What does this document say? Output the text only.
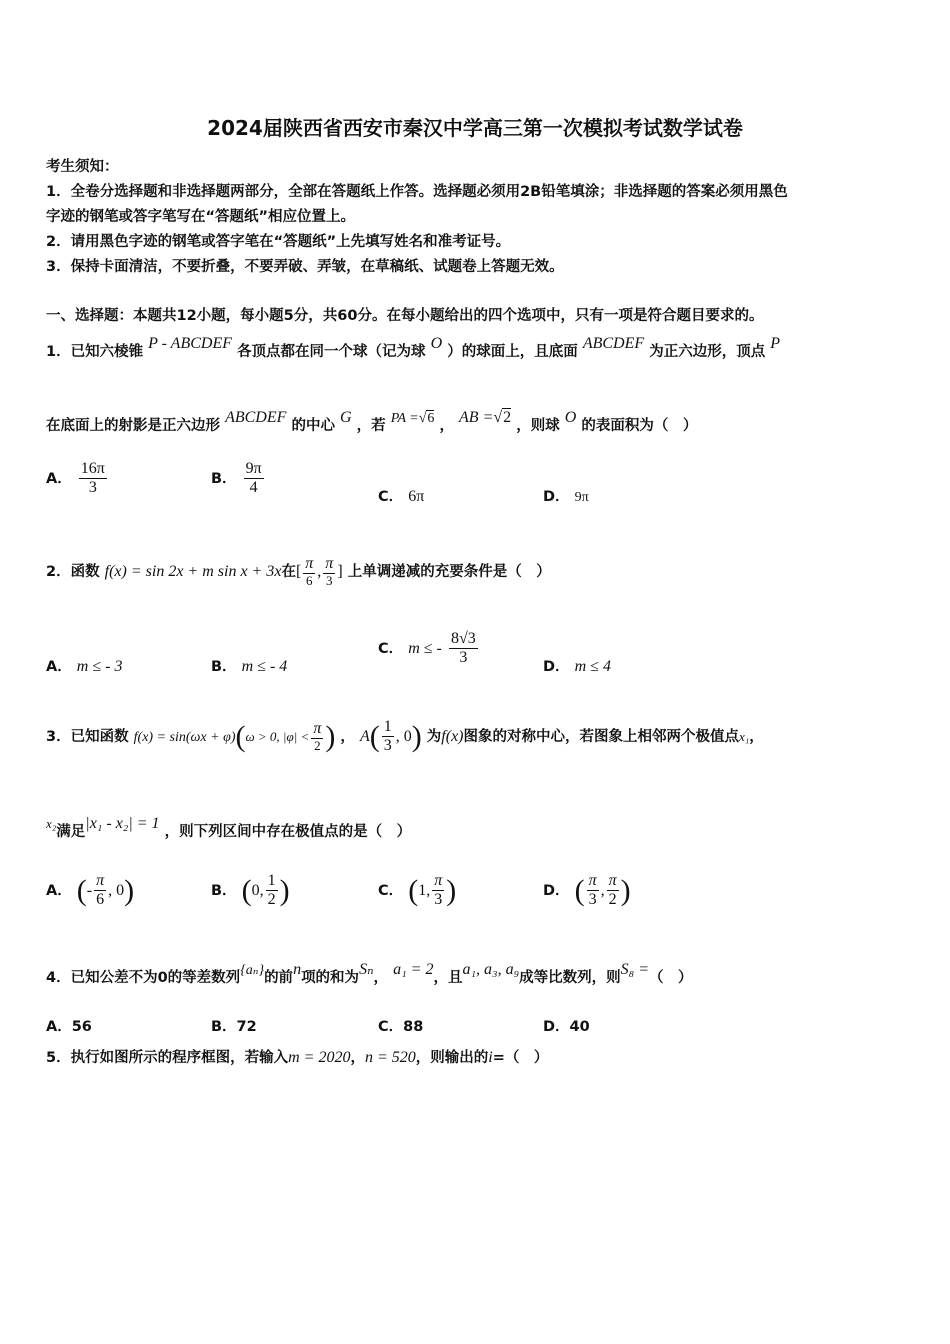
2024届陕西省西安市秦汉中学高三第一次模拟考试数学试卷
考生须知：
1．全卷分选择题和非选择题两部分，全部在答题纸上作答。选择题必须用2B铅笔填涂；非选择题的答案必须用黑色
字迹的钢笔或答字笔写在“答题纸”相应位置上。
2．请用黑色字迹的钢笔或答字笔在“答题纸”上先填写姓名和准考证号。
3．保持卡面清洁，不要折叠，不要弄破、弄皱，在草稿纸、试题卷上答题无效。
一、选择题：本题共12小题，每小题5分，共60分。在每小题给出的四个选项中，只有一项是符合题目要求的。
1．已知六棱锥 P - ABCDEF 各顶点都在同一个球（记为球 O ）的球面上，且底面 ABCDEF 为正六边形，顶点 P
在底面上的射影是正六边形 ABCDEF 的中心 G ，若 PA =√6 ， AB =√2 ，则球 O 的表面积为（　）
A． $\frac{16\pi}{3}$	B． $\frac{9\pi}{4}$	C． 6π	D． 9π
2．函数 f(x) = sin 2x + m sin x + 3x在[ $\frac{\pi}{6}$ , $\frac{\pi}{3}$ ] 上单调递减的充要条件是（　）
A． m ≤ - 3	B． m ≤ - 4
C． m ≤ - $\frac{8√3}{3}$	D． m ≤ 4
3．已知函数 f(x) = sin(ωx + φ)(ω > 0, $|\varphi| < \frac{\pi}{2}$ ) ， $A( \frac{1}{3}$ , 0) 为f(x)图象的对称中心，若图象上相邻两个极值点x₁，
x₂满足|x₁ - x₂| = 1 ，则下列区间中存在极值点的是（　）
A． (- $\frac{\pi}{6}$ , 0)	B． (0, $\frac{1}{2}$ )	C． (1, $\frac{\pi}{3}$ )	D． ( $\frac{\pi}{3}$ , $\frac{\pi}{2}$ )
4．已知公差不为0的等差数列{aₙ}的前n项的和为Sₙ， a₁ = 2，且a₁, a₃, a₉成等比数列，则S₈ =（　）
A．56	B．72	C．88	D．40
5．执行如图所示的程序框图，若输入m = 2020，n = 520，则输出的i=（　）
